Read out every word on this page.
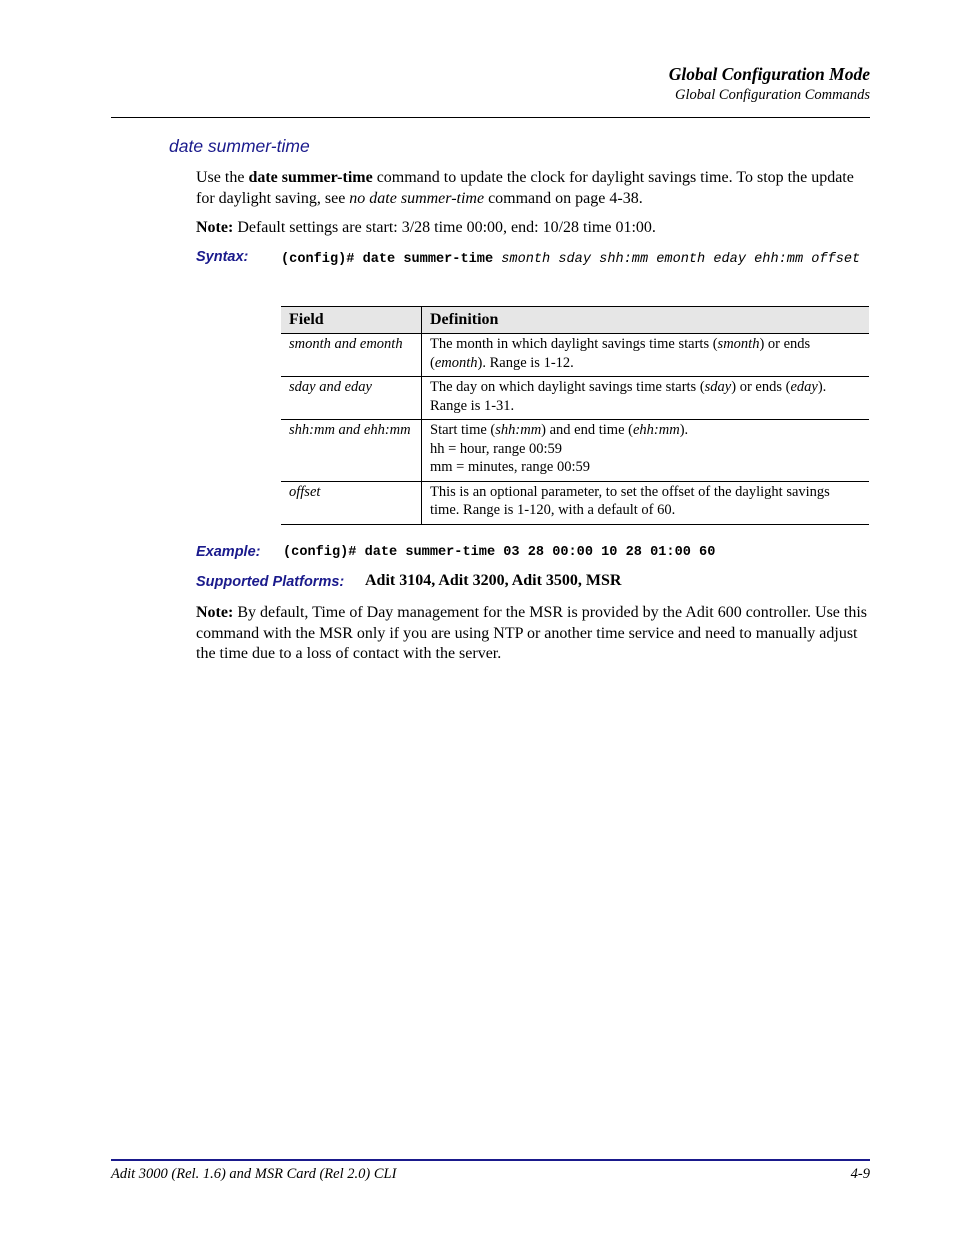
Global Configuration Mode
Global Configuration Commands
date summer-time
Use the date summer-time command to update the clock for daylight savings time. To stop the update for daylight saving, see no date summer-time command on page 4-38.
Note: Default settings are start: 3/28 time 00:00, end: 10/28 time 01:00.
Syntax: (config)# date summer-time smonth sday shh:mm emonth eday ehh:mm offset
Field	Definition
smonth and emonth	The month in which daylight savings time starts (smonth) or ends (emonth). Range is 1-12.
sday and eday	The day on which daylight savings time starts (sday) or ends (eday). Range is 1-31.
shh:mm and ehh:mm	Start time (shh:mm) and end time (ehh:mm).
hh = hour, range 00:59
mm = minutes, range 00:59
offset	This is an optional parameter, to set the offset of the daylight savings time. Range is 1-120, with a default of 60.
Example: (config)# date summer-time 03 28 00:00 10 28 01:00 60
Supported Platforms: Adit 3104, Adit 3200, Adit 3500, MSR
Note: By default, Time of Day management for the MSR is provided by the Adit 600 controller. Use this command with the MSR only if you are using NTP or another time service and need to manually adjust the time due to a loss of contact with the server.
Adit 3000 (Rel. 1.6) and MSR Card (Rel 2.0) CLI	4-9
